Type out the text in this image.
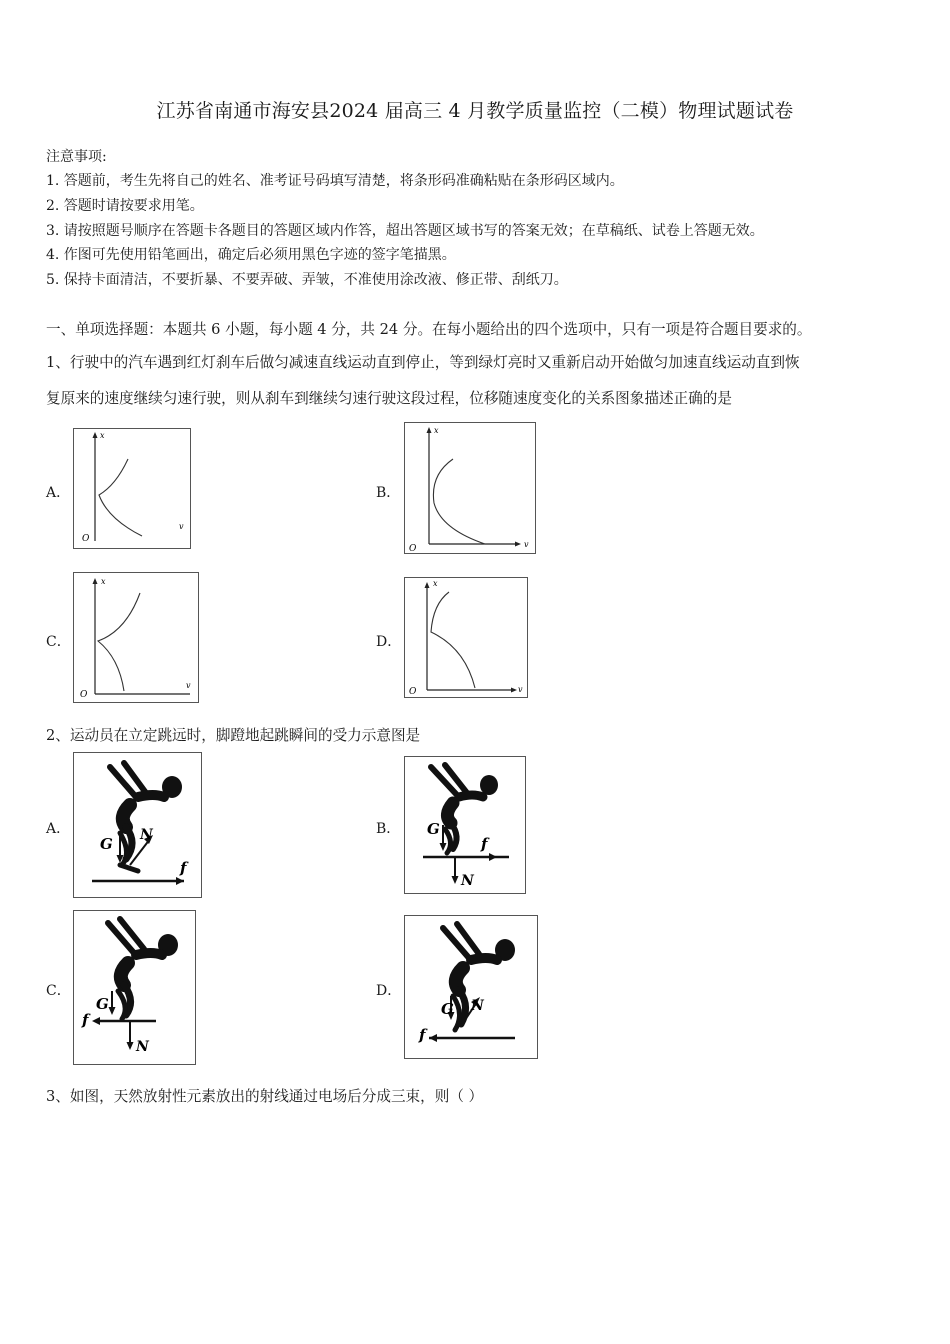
江苏省南通市海安县2024 届高三 4 月教学质量监控（二模）物理试题试卷
注意事项:
1. 答题前，考生先将自己的姓名、准考证号码填写清楚，将条形码准确粘贴在条形码区域内。
2. 答题时请按要求用笔。
3. 请按照题号顺序在答题卡各题目的答题区域内作答，超出答题区域书写的答案无效；在草稿纸、试卷上答题无效。
4. 作图可先使用铅笔画出，确定后必须用黑色字迹的签字笔描黑。
5. 保持卡面清洁，不要折暴、不要弄破、弄皱，不准使用涂改液、修正带、刮纸刀。
一、单项选择题：本题共 6 小题，每小题 4 分，共 24 分。在每小题给出的四个选项中，只有一项是符合题目要求的。
1、行驶中的汽车遇到红灯刹车后做匀减速直线运动直到停止，等到绿灯亮时又重新启动开始做匀加速直线运动直到恢
复原来的速度继续匀速行驶，则从刹车到继续匀速行驶这段过程，位移随速度变化的关系图象描述正确的是
A．	B．
C．	D．
x
O
v
x
O	v
x
O
v
x
O	v
2、运动员在立定跳远时，脚蹬地起跳瞬间的受力示意图是
A．	B．
C．	D．
G N
f
G
N
f
G
N
f
G N
f
3、如图，天然放射性元素放出的射线通过电场后分成三束，则（ ）
